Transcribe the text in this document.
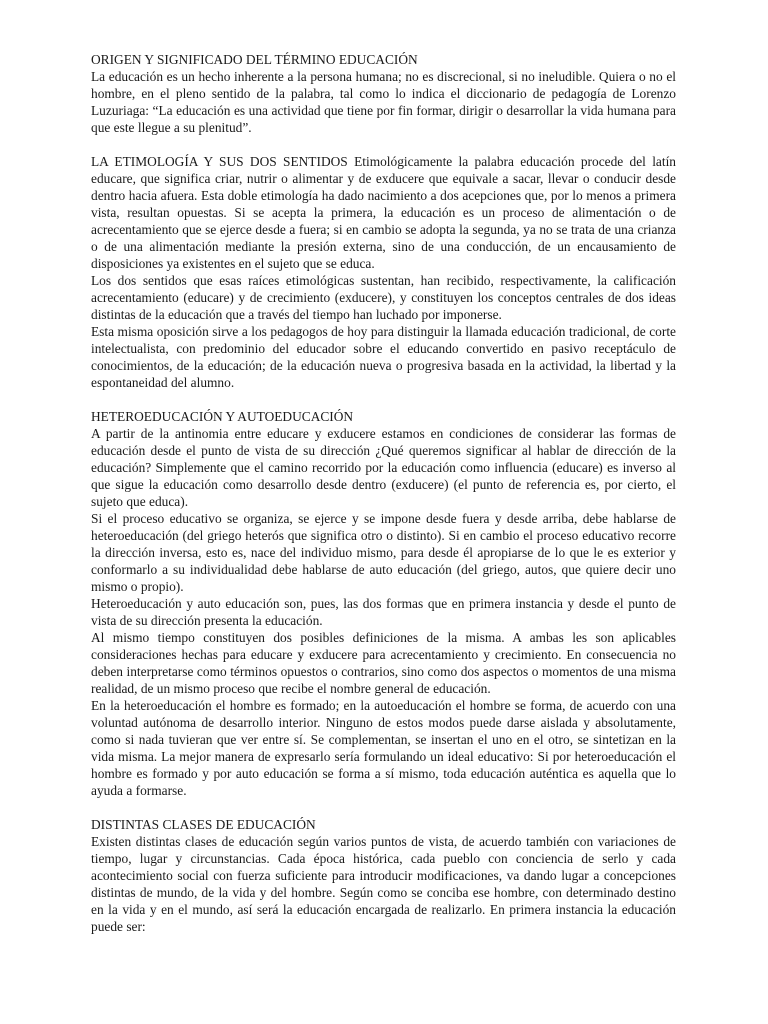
ORIGEN Y SIGNIFICADO DEL TÉRMINO EDUCACIÓN

La educación es un hecho inherente a la persona humana; no es discrecional, si no ineludible. Quiera o no el hombre, en el pleno sentido de la palabra, tal como lo indica el diccionario de pedagogía de Lorenzo Luzuriaga: “La educación es una actividad que tiene por fin formar, dirigir o desarrollar la vida humana para que este llegue a su plenitud”.

LA ETIMOLOGÍA Y SUS DOS SENTIDOS Etimológicamente la palabra educación procede del latín educare, que significa criar, nutrir o alimentar y de exducere que equivale a sacar, llevar o conducir desde dentro hacia afuera. Esta doble etimología ha dado nacimiento a dos acepciones que, por lo menos a primera vista, resultan opuestas. Si se acepta la primera, la educación es un proceso de alimentación o de acrecentamiento que se ejerce desde a fuera; si en cambio se adopta la segunda, ya no se trata de una crianza o de una alimentación mediante la presión externa, sino de una conducción, de un encausamiento de disposiciones ya existentes en el sujeto que se educa.

Los dos sentidos que esas raíces etimológicas sustentan, han recibido, respectivamente, la calificación acrecentamiento (educare) y de crecimiento (exducere), y constituyen los conceptos centrales de dos ideas distintas de la educación que a través del tiempo han luchado por imponerse.

Esta misma oposición sirve a los pedagogos de hoy para distinguir la llamada educación tradicional, de corte intelectualista, con predominio del educador sobre el educando convertido en pasivo receptáculo de conocimientos, de la educación; de la educación nueva o progresiva basada en la actividad, la libertad y la espontaneidad del alumno.

HETEROEDUCACIÓN Y AUTOEDUCACIÓN

A partir de la antinomia entre educare y exducere estamos en condiciones de considerar las formas de educación desde el punto de vista de su dirección ¿Qué queremos significar al hablar de dirección de la educación? Simplemente que el camino recorrido por la educación como influencia (educare) es inverso al que sigue la educación como desarrollo desde dentro (exducere) (el punto de referencia es, por cierto, el sujeto que educa).

Si el proceso educativo se organiza, se ejerce y se impone desde fuera y desde arriba, debe hablarse de heteroeducación (del griego heterós que significa otro o distinto). Si en cambio el proceso educativo recorre la dirección inversa, esto es, nace del individuo mismo, para desde él apropiarse de lo que le es exterior y conformarlo a su individualidad debe hablarse de auto educación (del griego, autos, que quiere decir uno mismo o propio).

Heteroeducación y auto educación son, pues, las dos formas que en primera instancia y desde el punto de vista de su dirección presenta la educación.

Al mismo tiempo constituyen dos posibles definiciones de la misma. A ambas les son aplicables consideraciones hechas para educare y exducere para acrecentamiento y crecimiento. En consecuencia no deben interpretarse como términos opuestos o contrarios, sino como dos aspectos o momentos de una misma realidad, de un mismo proceso que recibe el nombre general de educación.

En la heteroeducación el hombre es formado; en la autoeducación el hombre se forma, de acuerdo con una voluntad autónoma de desarrollo interior. Ninguno de estos modos puede darse aislada y absolutamente, como si nada tuvieran que ver entre sí. Se complementan, se insertan el uno en el otro, se sintetizan en la vida misma. La mejor manera de expresarlo sería formulando un ideal educativo: Si por heteroeducación el hombre es formado y por auto educación se forma a sí mismo, toda educación auténtica es aquella que lo ayuda a formarse.

DISTINTAS CLASES DE EDUCACIÓN

Existen distintas clases de educación según varios puntos de vista, de acuerdo también con variaciones de tiempo, lugar y circunstancias. Cada época histórica, cada pueblo con conciencia de serlo y cada acontecimiento social con fuerza suficiente para introducir modificaciones, va dando lugar a concepciones distintas de mundo, de la vida y del hombre. Según como se conciba ese hombre, con determinado destino en la vida y en el mundo, así será la educación encargada de realizarlo. En primera instancia la educación puede ser:
